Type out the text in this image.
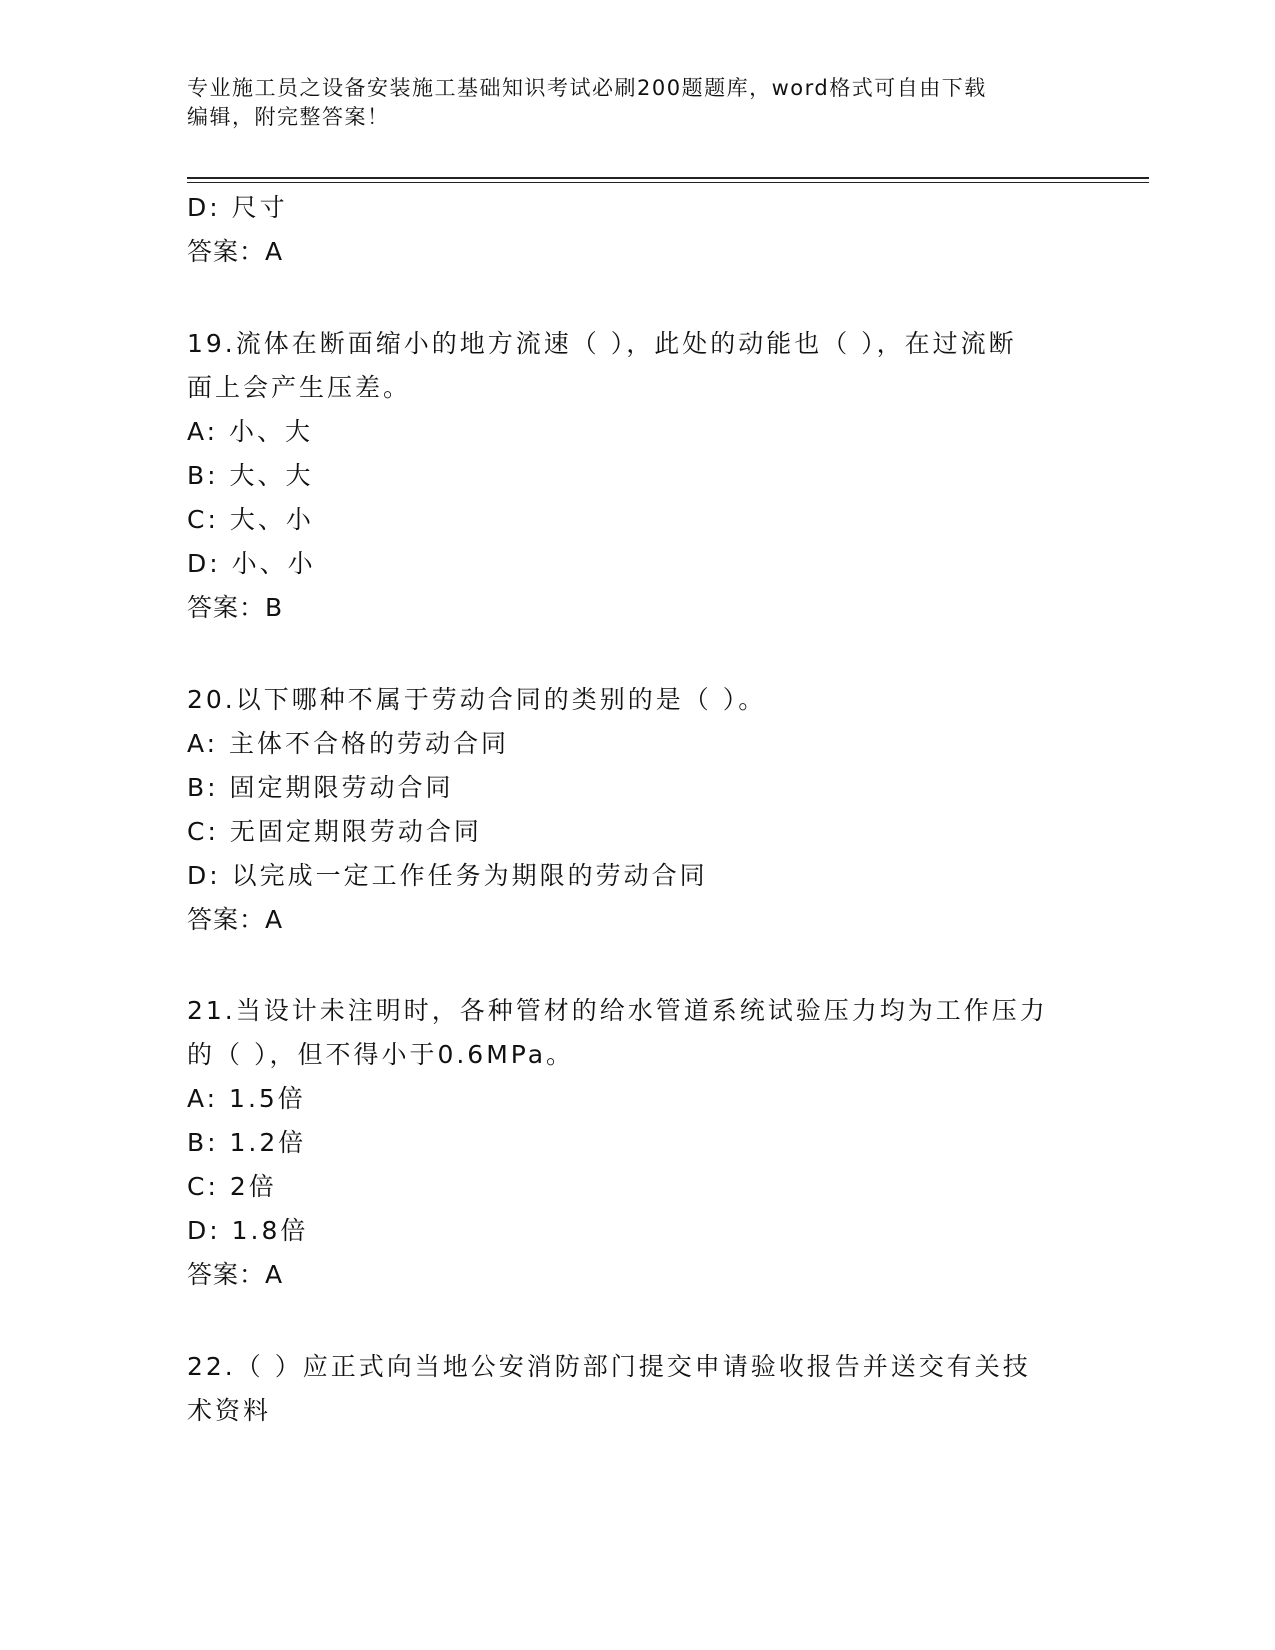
专业施工员之设备安装施工基础知识考试必刷200题题库，word格式可自由下载
编辑，附完整答案！
D: 尺寸
答案：A
19.流体在断面缩小的地方流速（ ），此处的动能也（ ），在过流断
面上会产生压差。
A: 小、大
B: 大、大
C: 大、小
D: 小、小
答案：B
20.以下哪种不属于劳动合同的类别的是（ ）。
A: 主体不合格的劳动合同
B: 固定期限劳动合同
C: 无固定期限劳动合同
D: 以完成一定工作任务为期限的劳动合同
答案：A
21.当设计未注明时，各种管材的给水管道系统试验压力均为工作压力
的（ ），但不得小于0.6MPa。
A: 1.5倍
B: 1.2倍
C: 2倍
D: 1.8倍
答案：A
22.（ ）应正式向当地公安消防部门提交申请验收报告并送交有关技
术资料
